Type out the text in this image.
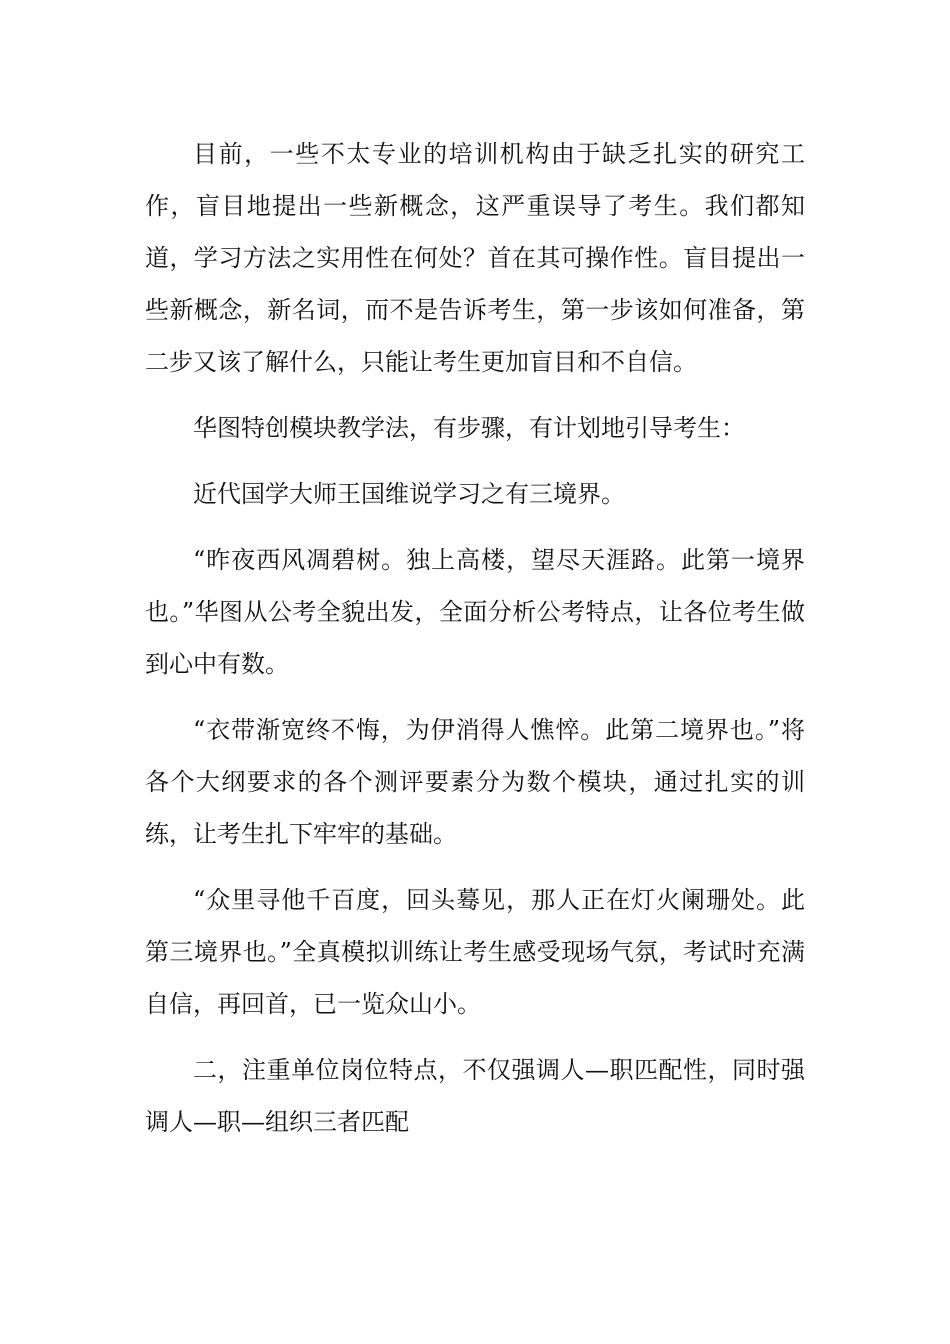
目前，一些不太专业的培训机构由于缺乏扎实的研究工作，盲目地提出一些新概念，这严重误导了考生。我们都知道，学习方法之实用性在何处？首在其可操作性。盲目提出一些新概念，新名词，而不是告诉考生，第一步该如何准备，第二步又该了解什么，只能让考生更加盲目和不自信。

华图特创模块教学法，有步骤，有计划地引导考生：

近代国学大师王国维说学习之有三境界。

“昨夜西风凋碧树。独上高楼，望尽天涯路。此第一境界也。”华图从公考全貌出发，全面分析公考特点，让各位考生做到心中有数。

“衣带渐宽终不悔，为伊消得人憔悴。此第二境界也。”将各个大纲要求的各个测评要素分为数个模块，通过扎实的训练，让考生扎下牢牢的基础。

“众里寻他千百度，回头蓦见，那人正在灯火阑珊处。此第三境界也。”全真模拟训练让考生感受现场气氛，考试时充满自信，再回首，已一览众山小。

二，注重单位岗位特点，不仅强调人—职匹配性，同时强调人—职—组织三者匹配
